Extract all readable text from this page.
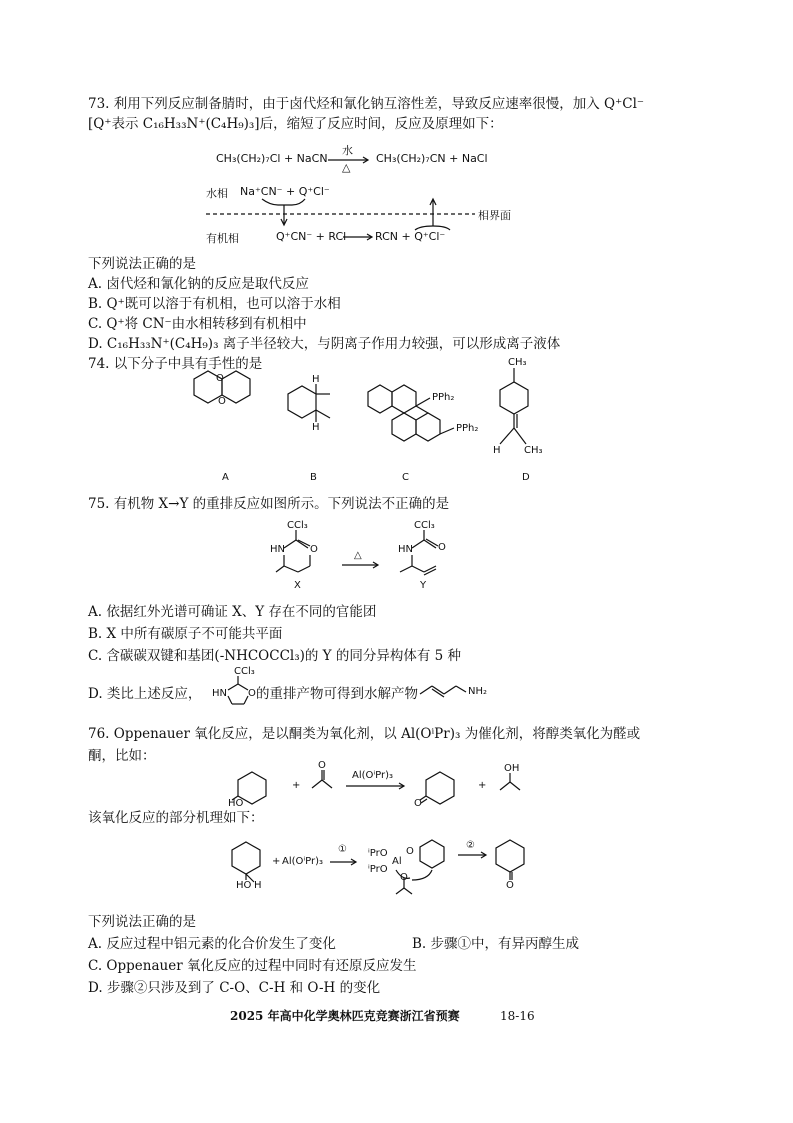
73. 利用下列反应制备腈时，由于卤代烃和氰化钠互溶性差，导致反应速率很慢，加入 Q⁺Cl⁻
[Q⁺表示 C₁₆H₃₃N⁺(C₄H₉)₃]后，缩短了反应时间，反应及原理如下：
CH₃(CH₂)₇Cl + NaCN
水
△
CH₃(CH₂)₇CN + NaCl
水相 Na⁺CN⁻ + Q⁺Cl⁻
相界面
有机相	Q⁺CN⁻ + RCl	RCN + Q⁺Cl⁻
下列说法正确的是
A. 卤代烃和氰化钠的反应是取代反应
B. Q⁺既可以溶于有机相，也可以溶于水相
C. Q⁺将 CN⁻由水相转移到有机相中
D. C₁₆H₃₃N⁺(C₄H₉)₃ 离子半径较大，与阴离子作用力较强，可以形成离子液体
74. 以下分子中具有手性的是
O
O
H
H
PPh₂
PPh₂
CH₃
H CH₃
A	B	C	D
75. 有机物 X→Y 的重排反应如图所示。下列说法不正确的是
CCl₃
HN	O
△
CCl₃
HN	O
X	Y
A. 依据红外光谱可确证 X、Y 存在不同的官能团
B. X 中所有碳原子不可能共平面
C. 含碳碳双键和基团(-NHCOCCl₃)的 Y 的同分异构体有 5 种
D. 类比上述反应，
CCl₃
HN O 的重排产物可得到水解产物	NH₂
76. Oppenauer 氧化反应，是以酮类为氧化剂，以 Al(OⁱPr)₃ 为催化剂，将醇类氧化为醛或
酮，比如：
HO
+
O
Al(OⁱPr)₃
O
+
OH
该氧化反应的部分机理如下：
HO H
+ Al(OⁱPr)₃
① ⁱPrO
ⁱPrO
Al
O
O
②
O
下列说法正确的是
A. 反应过程中铝元素的化合价发生了变化	B. 步骤①中，有异丙醇生成
C. Oppenauer 氧化反应的过程中同时有还原反应发生
D. 步骤②只涉及到了 C-O、C-H 和 O-H 的变化
2025 年高中化学奥林匹克竞赛浙江省预赛	18-16
